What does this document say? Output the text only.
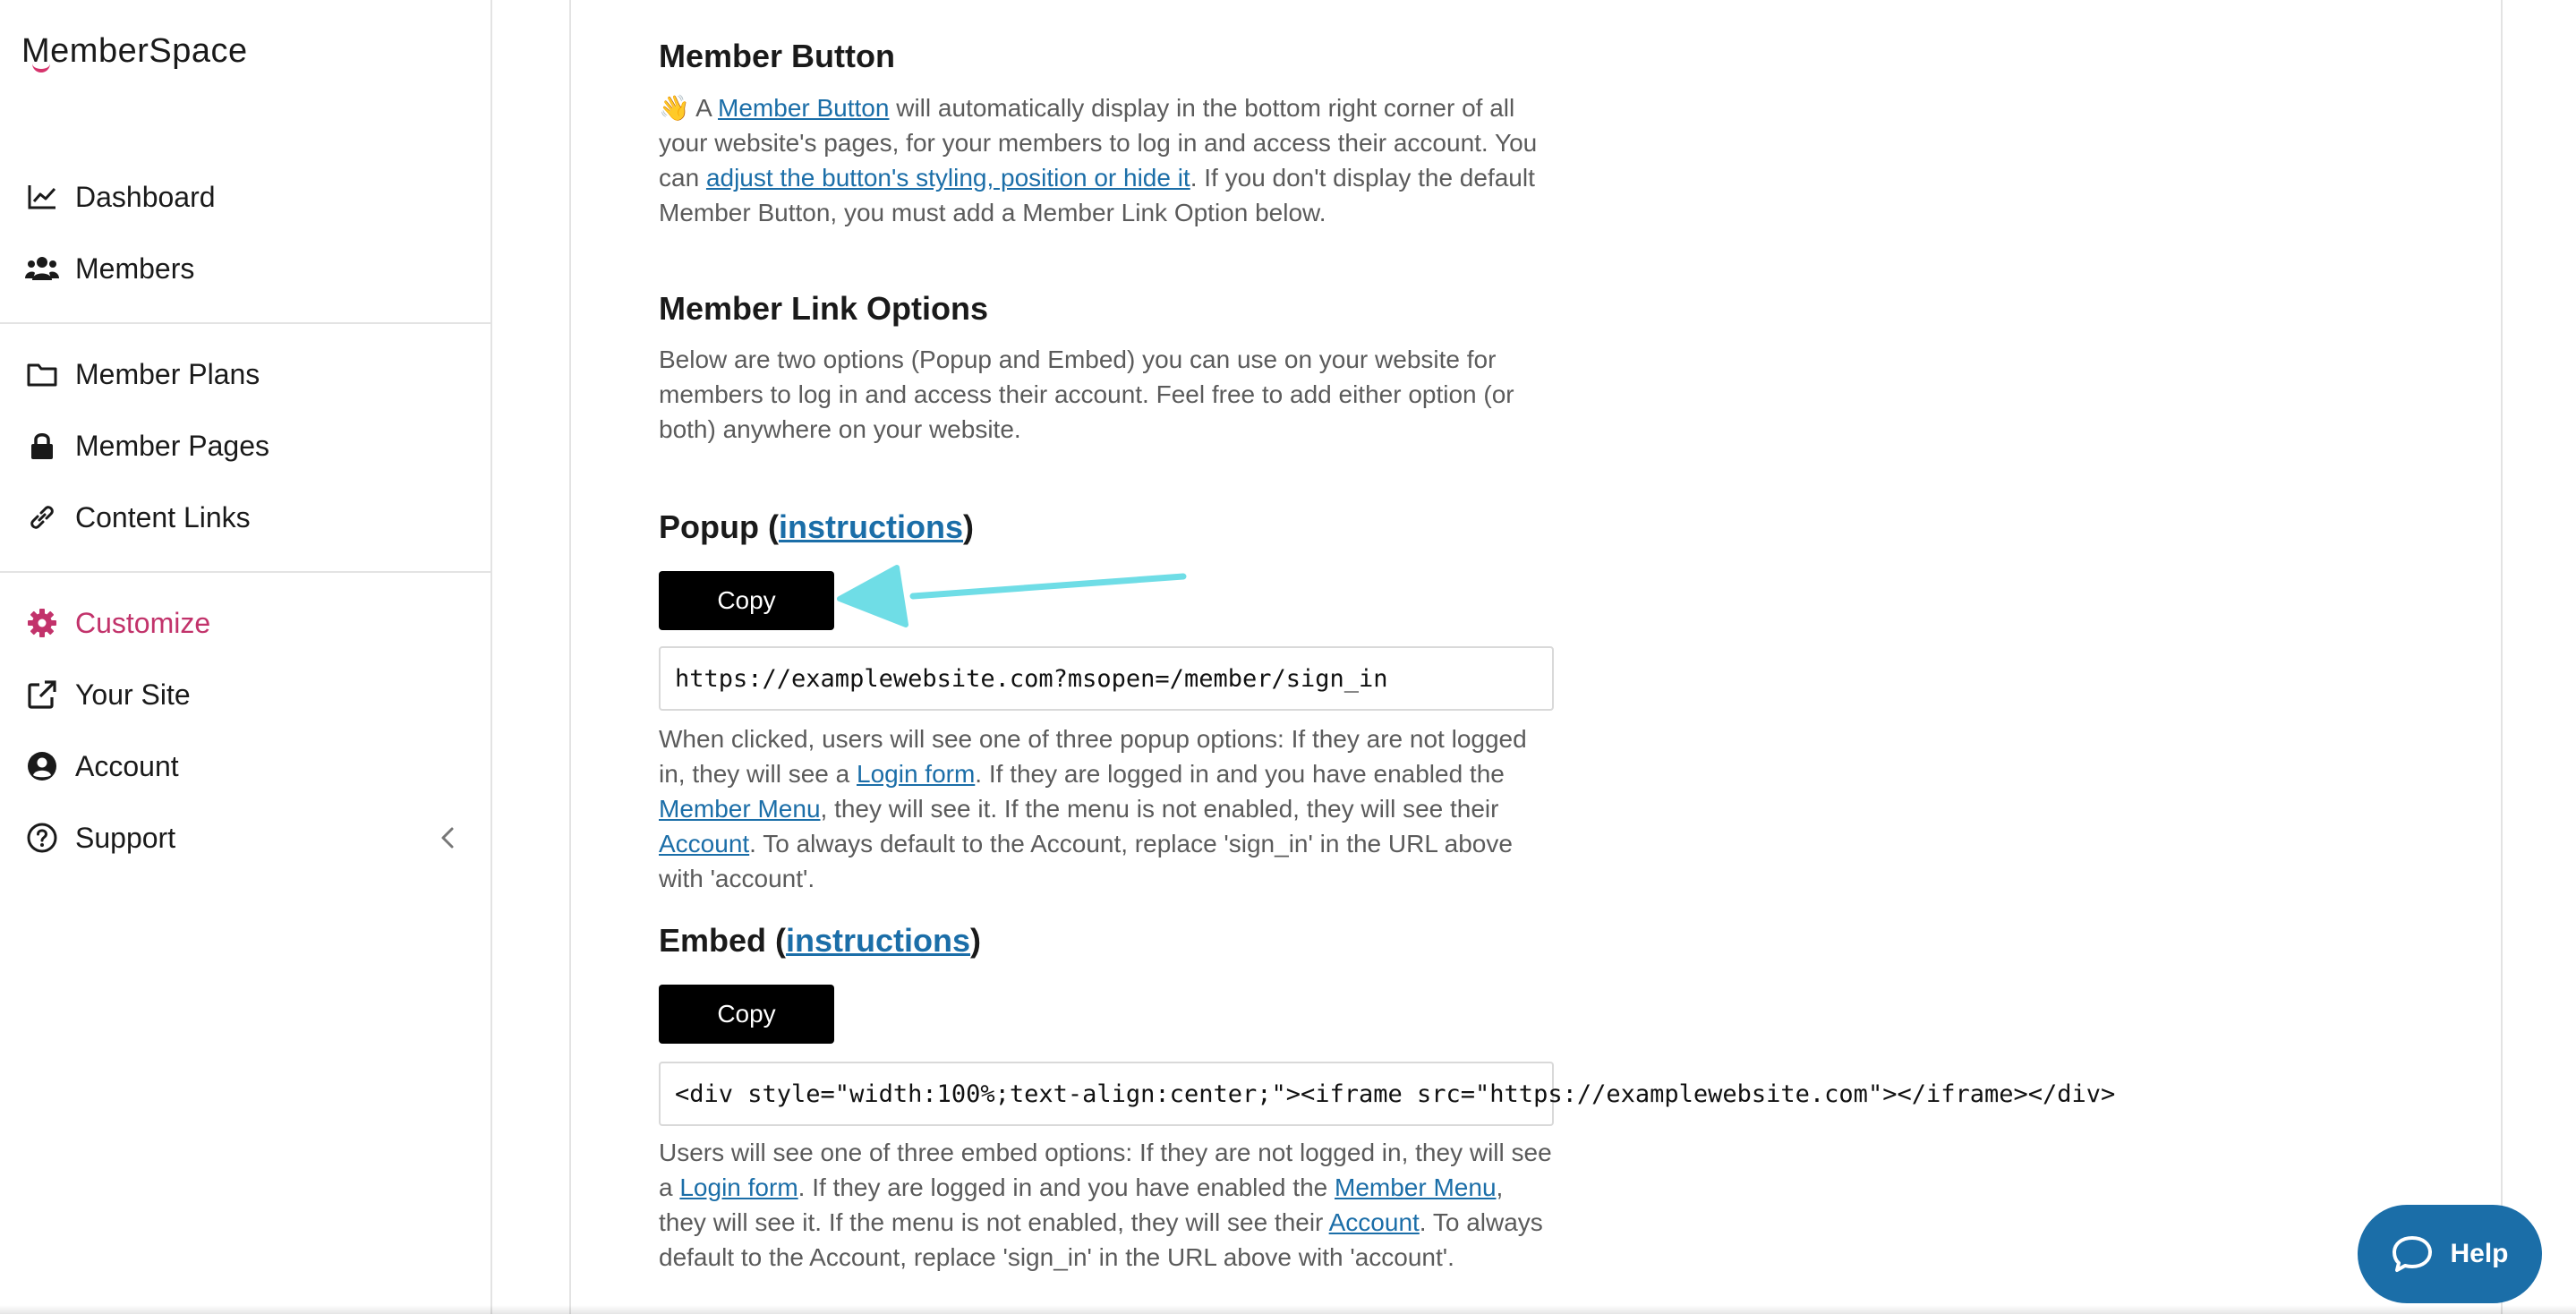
M emberSpace
Dashboard
Members
Member Plans
Member Pages
Content Links
Customize
Your Site
Account
Support
Member Button

👋 A Member Button will automatically display in the bottom right corner of all your website's pages, for your members to log in and access their account. You can adjust the button's styling, position or hide it. If you don't display the default Member Button, you must add a Member Link Option below.

Member Link Options

Below are two options (Popup and Embed) you can use on your website for members to log in and access their account. Feel free to add either option (or both) anywhere on your website.

Popup (instructions)
Copy
https://examplewebsite.com?msopen=/member/sign_in

When clicked, users will see one of three popup options: If they are not logged in, they will see a Login form. If they are logged in and you have enabled the Member Menu, they will see it. If the menu is not enabled, they will see their Account. To always default to the Account, replace 'sign_in' in the URL above with 'account'.

Embed (instructions)
Copy
<div style="width:100%;text-align:center;"><iframe src="https://examplewebsite.com"></iframe></div>

Users will see one of three embed options: If they are not logged in, they will see a Login form. If they are logged in and you have enabled the Member Menu, they will see it. If the menu is not enabled, they will see their Account. To always default to the Account, replace 'sign_in' in the URL above with 'account'.	Help
